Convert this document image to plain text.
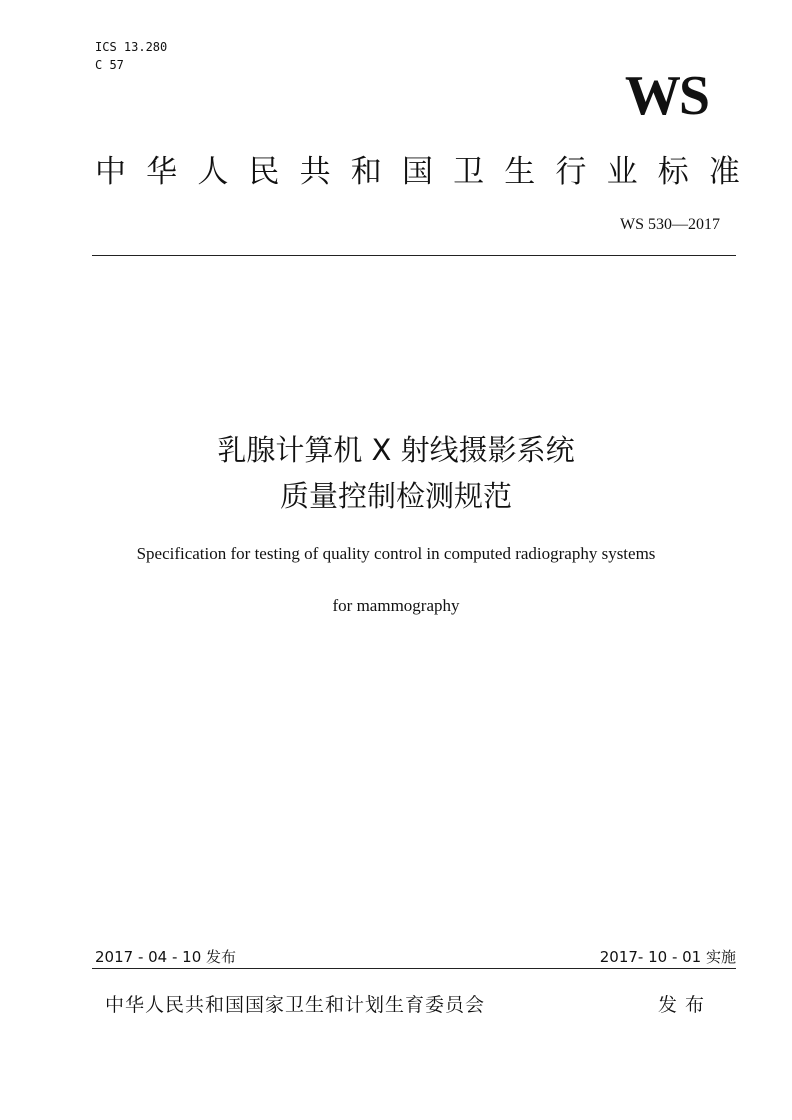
ICS 13.280
C 57	WS
中 华 人 民 共 和 国 卫 生 行 业 标 准
WS 530—2017
乳腺计算机 X 射线摄影系统
质量控制检测规范
Specification for testing of quality control in computed radiography systems
for mammography
2017 - 04 - 10 发布	2017- 10 - 01 实施
中华人民共和国国家卫生和计划生育委员会	发 布
